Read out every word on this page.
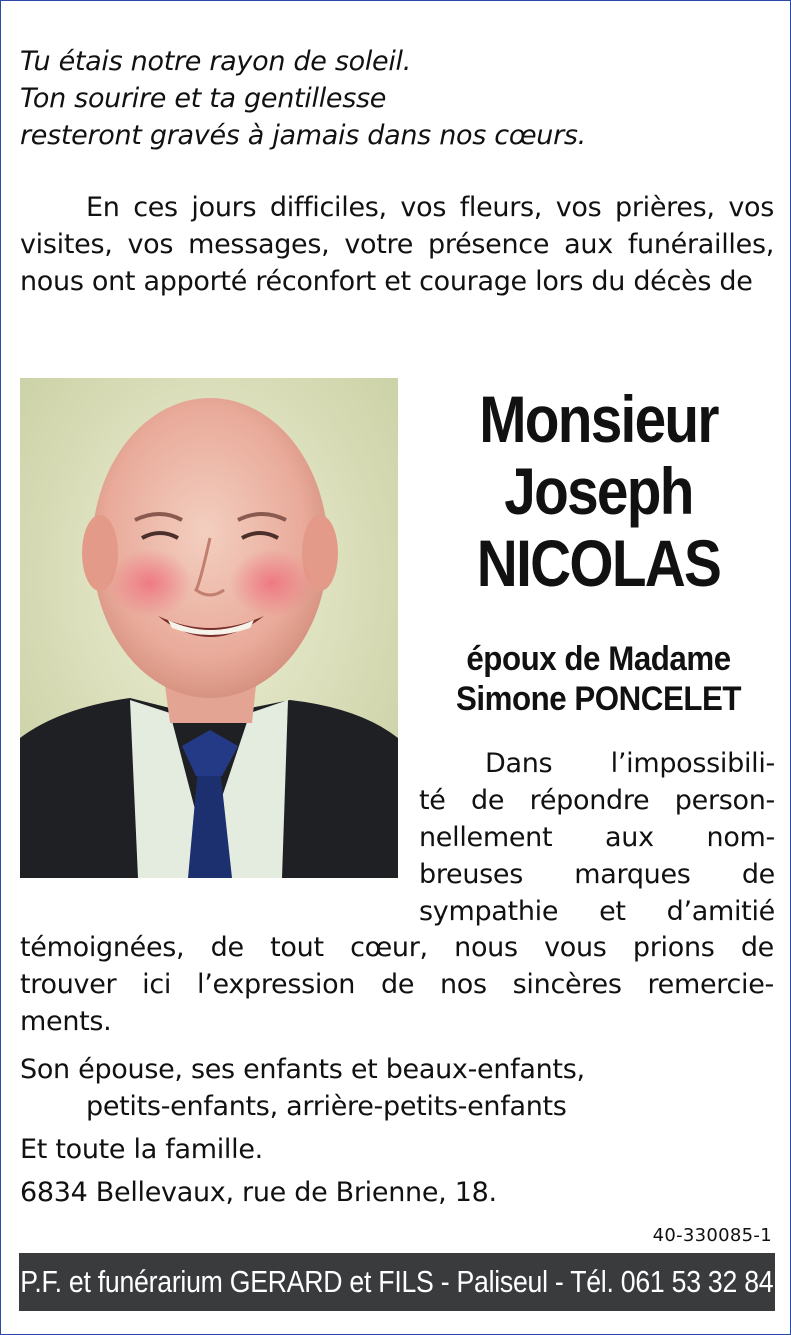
Tu étais notre rayon de soleil.
Ton sourire et ta gentillesse
resteront gravés à jamais dans nos cœurs.
En ces jours difficiles, vos fleurs, vos prières, vos visites, vos messages, votre présence aux funérailles, nous ont apporté réconfort et courage lors du décès de
Monsieur
Joseph
NICOLAS
époux de Madame
Simone PONCELET
Dans l’impossibili-
té de répondre person-
nellement aux nom-
breuses marques de
sympathie et d’amitié
témoignées, de tout cœur, nous vous prions de
trouver ici l’expression de nos sincères remercie-
ments.
Son épouse, ses enfants et beaux-enfants,
petits-enfants, arrière-petits-enfants
Et toute la famille.
6834 Bellevaux, rue de Brienne, 18.
40-330085-1
P.F. et funérarium GERARD et FILS - Paliseul - Tél. 061 53 32 84
